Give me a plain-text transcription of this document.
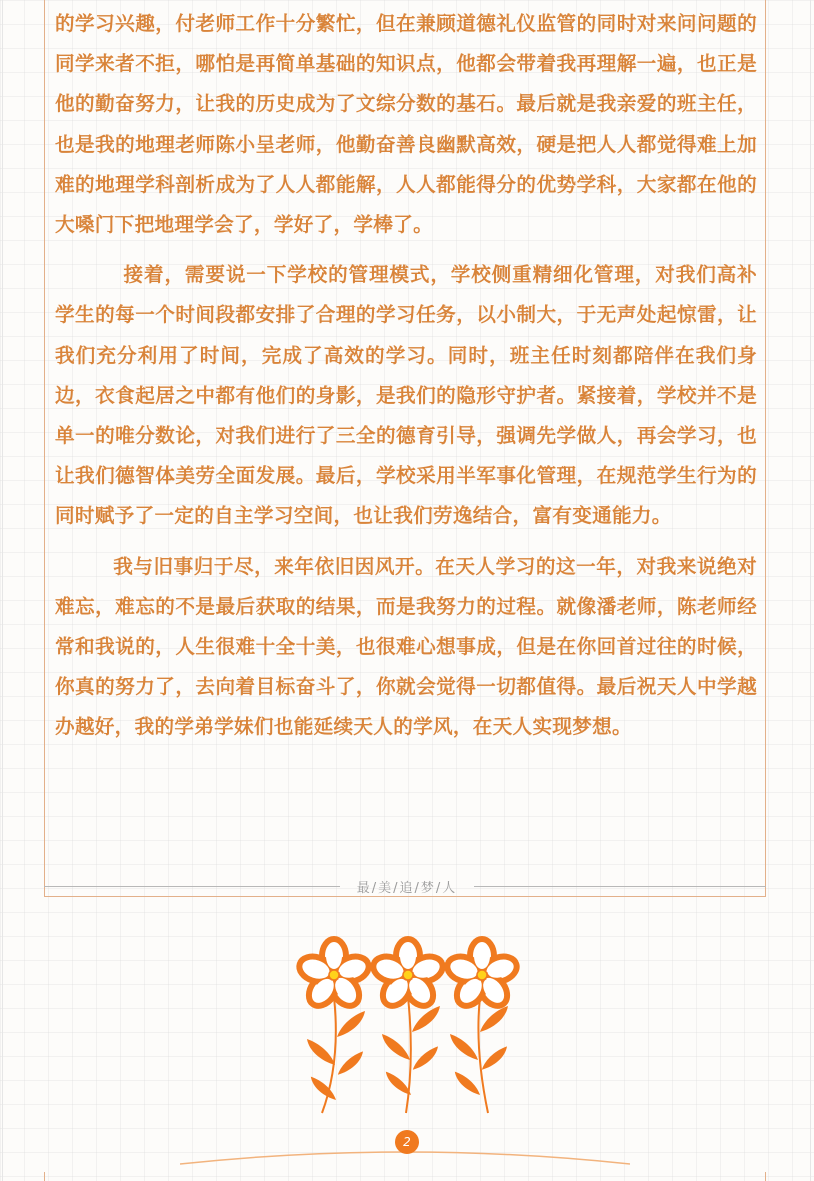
的学习兴趣，付老师工作十分繁忙，但在兼顾道德礼仪监管的同时对来问问题的同学来者不拒，哪怕是再简单基础的知识点，他都会带着我再理解一遍，也正是他的勤奋努力，让我的历史成为了文综分数的基石。最后就是我亲爱的班主任，也是我的地理老师陈小呈老师，他勤奋善良幽默高效，硬是把人人都觉得难上加难的地理学科剖析成为了人人都能解，人人都能得分的优势学科，大家都在他的大嗓门下把地理学会了，学好了，学棒了。

接着，需要说一下学校的管理模式，学校侧重精细化管理，对我们高补学生的每一个时间段都安排了合理的学习任务，以小制大，于无声处起惊雷，让我们充分利用了时间，完成了高效的学习。同时，班主任时刻都陪伴在我们身边，衣食起居之中都有他们的身影，是我们的隐形守护者。紧接着，学校并不是单一的唯分数论，对我们进行了三全的德育引导，强调先学做人，再会学习，也让我们德智体美劳全面发展。最后，学校采用半军事化管理，在规范学生行为的同时赋予了一定的自主学习空间，也让我们劳逸结合，富有变通能力。

我与旧事归于尽，来年依旧因风开。在天人学习的这一年，对我来说绝对难忘，难忘的不是最后获取的结果，而是我努力的过程。就像潘老师，陈老师经常和我说的，人生很难十全十美，也很难心想事成，但是在你回首过往的时候，你真的努力了，去向着目标奋斗了，你就会觉得一切都值得。最后祝天人中学越办越好，我的学弟学妹们也能延续天人的学风，在天人实现梦想。

最/美/追/梦/人
2
